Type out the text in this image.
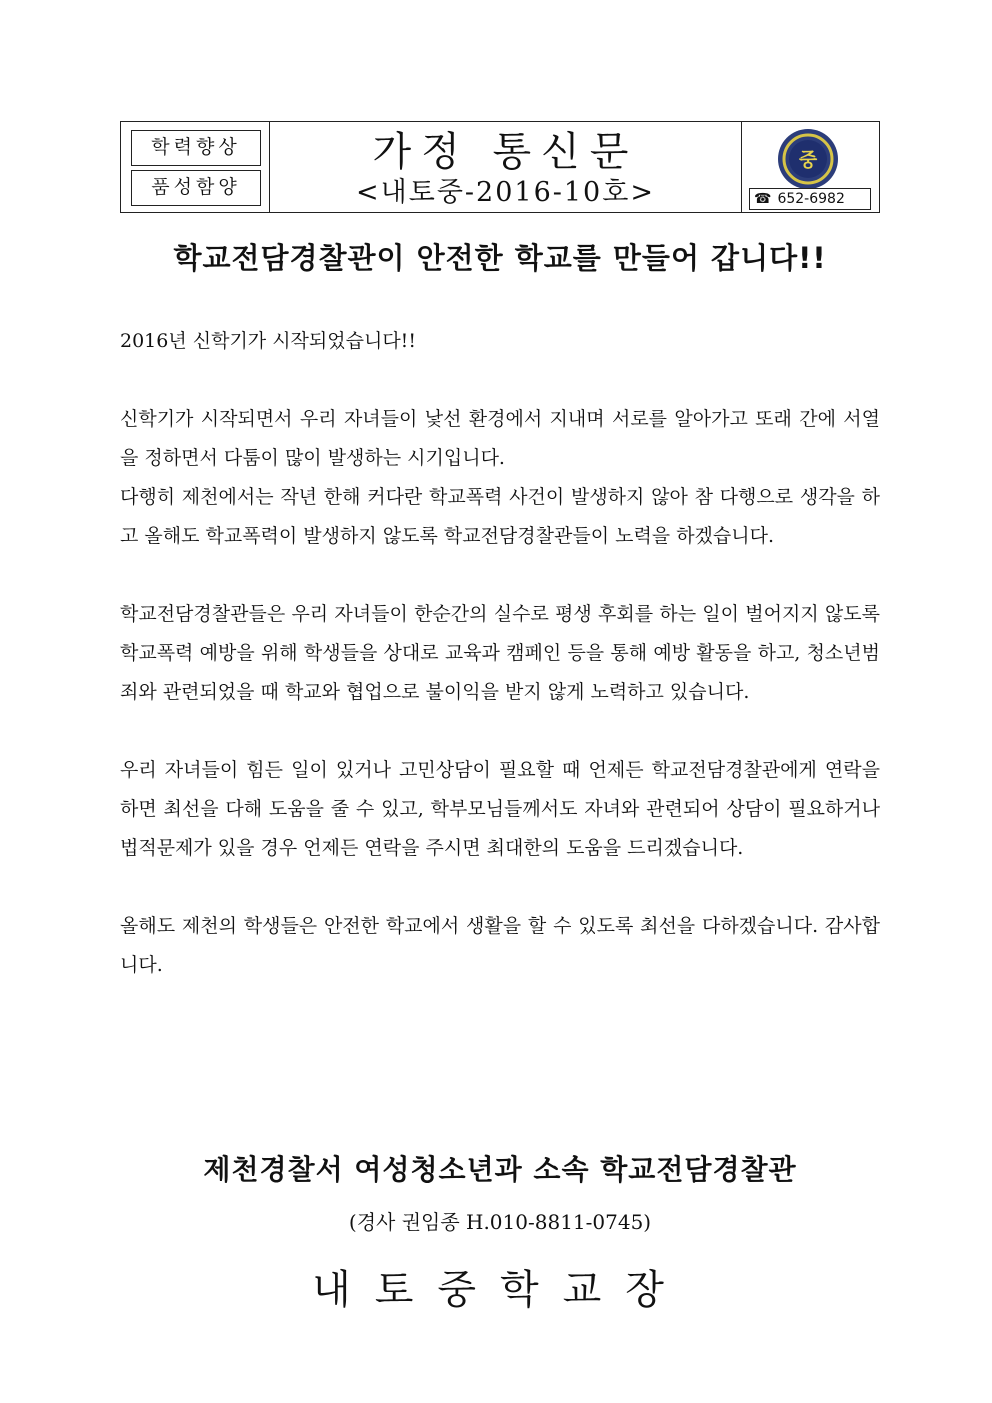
학력향상
품성함양
가정 통신문
<내토중-2016-10호>
중
☎ 652-6982
학교전담경찰관이 안전한 학교를 만들어 갑니다!!

2016년 신학기가 시작되었습니다!!

신학기가 시작되면서 우리 자녀들이 낯선 환경에서 지내며 서로를 알아가고 또래 간에 서열을 정하면서 다툼이 많이 발생하는 시기입니다.

다행히 제천에서는 작년 한해 커다란 학교폭력 사건이 발생하지 않아 참 다행으로 생각을 하고 올해도 학교폭력이 발생하지 않도록 학교전담경찰관들이 노력을 하겠습니다.

학교전담경찰관들은 우리 자녀들이 한순간의 실수로 평생 후회를 하는 일이 벌어지지 않도록 학교폭력 예방을 위해 학생들을 상대로 교육과 캠페인 등을 통해 예방 활동을 하고, 청소년범죄와 관련되었을 때 학교와 협업으로 불이익을 받지 않게 노력하고 있습니다.

우리 자녀들이 힘든 일이 있거나 고민상담이 필요할 때 언제든 학교전담경찰관에게 연락을 하면 최선을 다해 도움을 줄 수 있고, 학부모님들께서도 자녀와 관련되어 상담이 필요하거나 법적문제가 있을 경우 언제든 연락을 주시면 최대한의 도움을 드리겠습니다.

올해도 제천의 학생들은 안전한 학교에서 생활을 할 수 있도록 최선을 다하겠습니다. 감사합니다.

제천경찰서 여성청소년과 소속 학교전담경찰관
(경사 권임종 H.010-8811-0745)
내토중학교장
